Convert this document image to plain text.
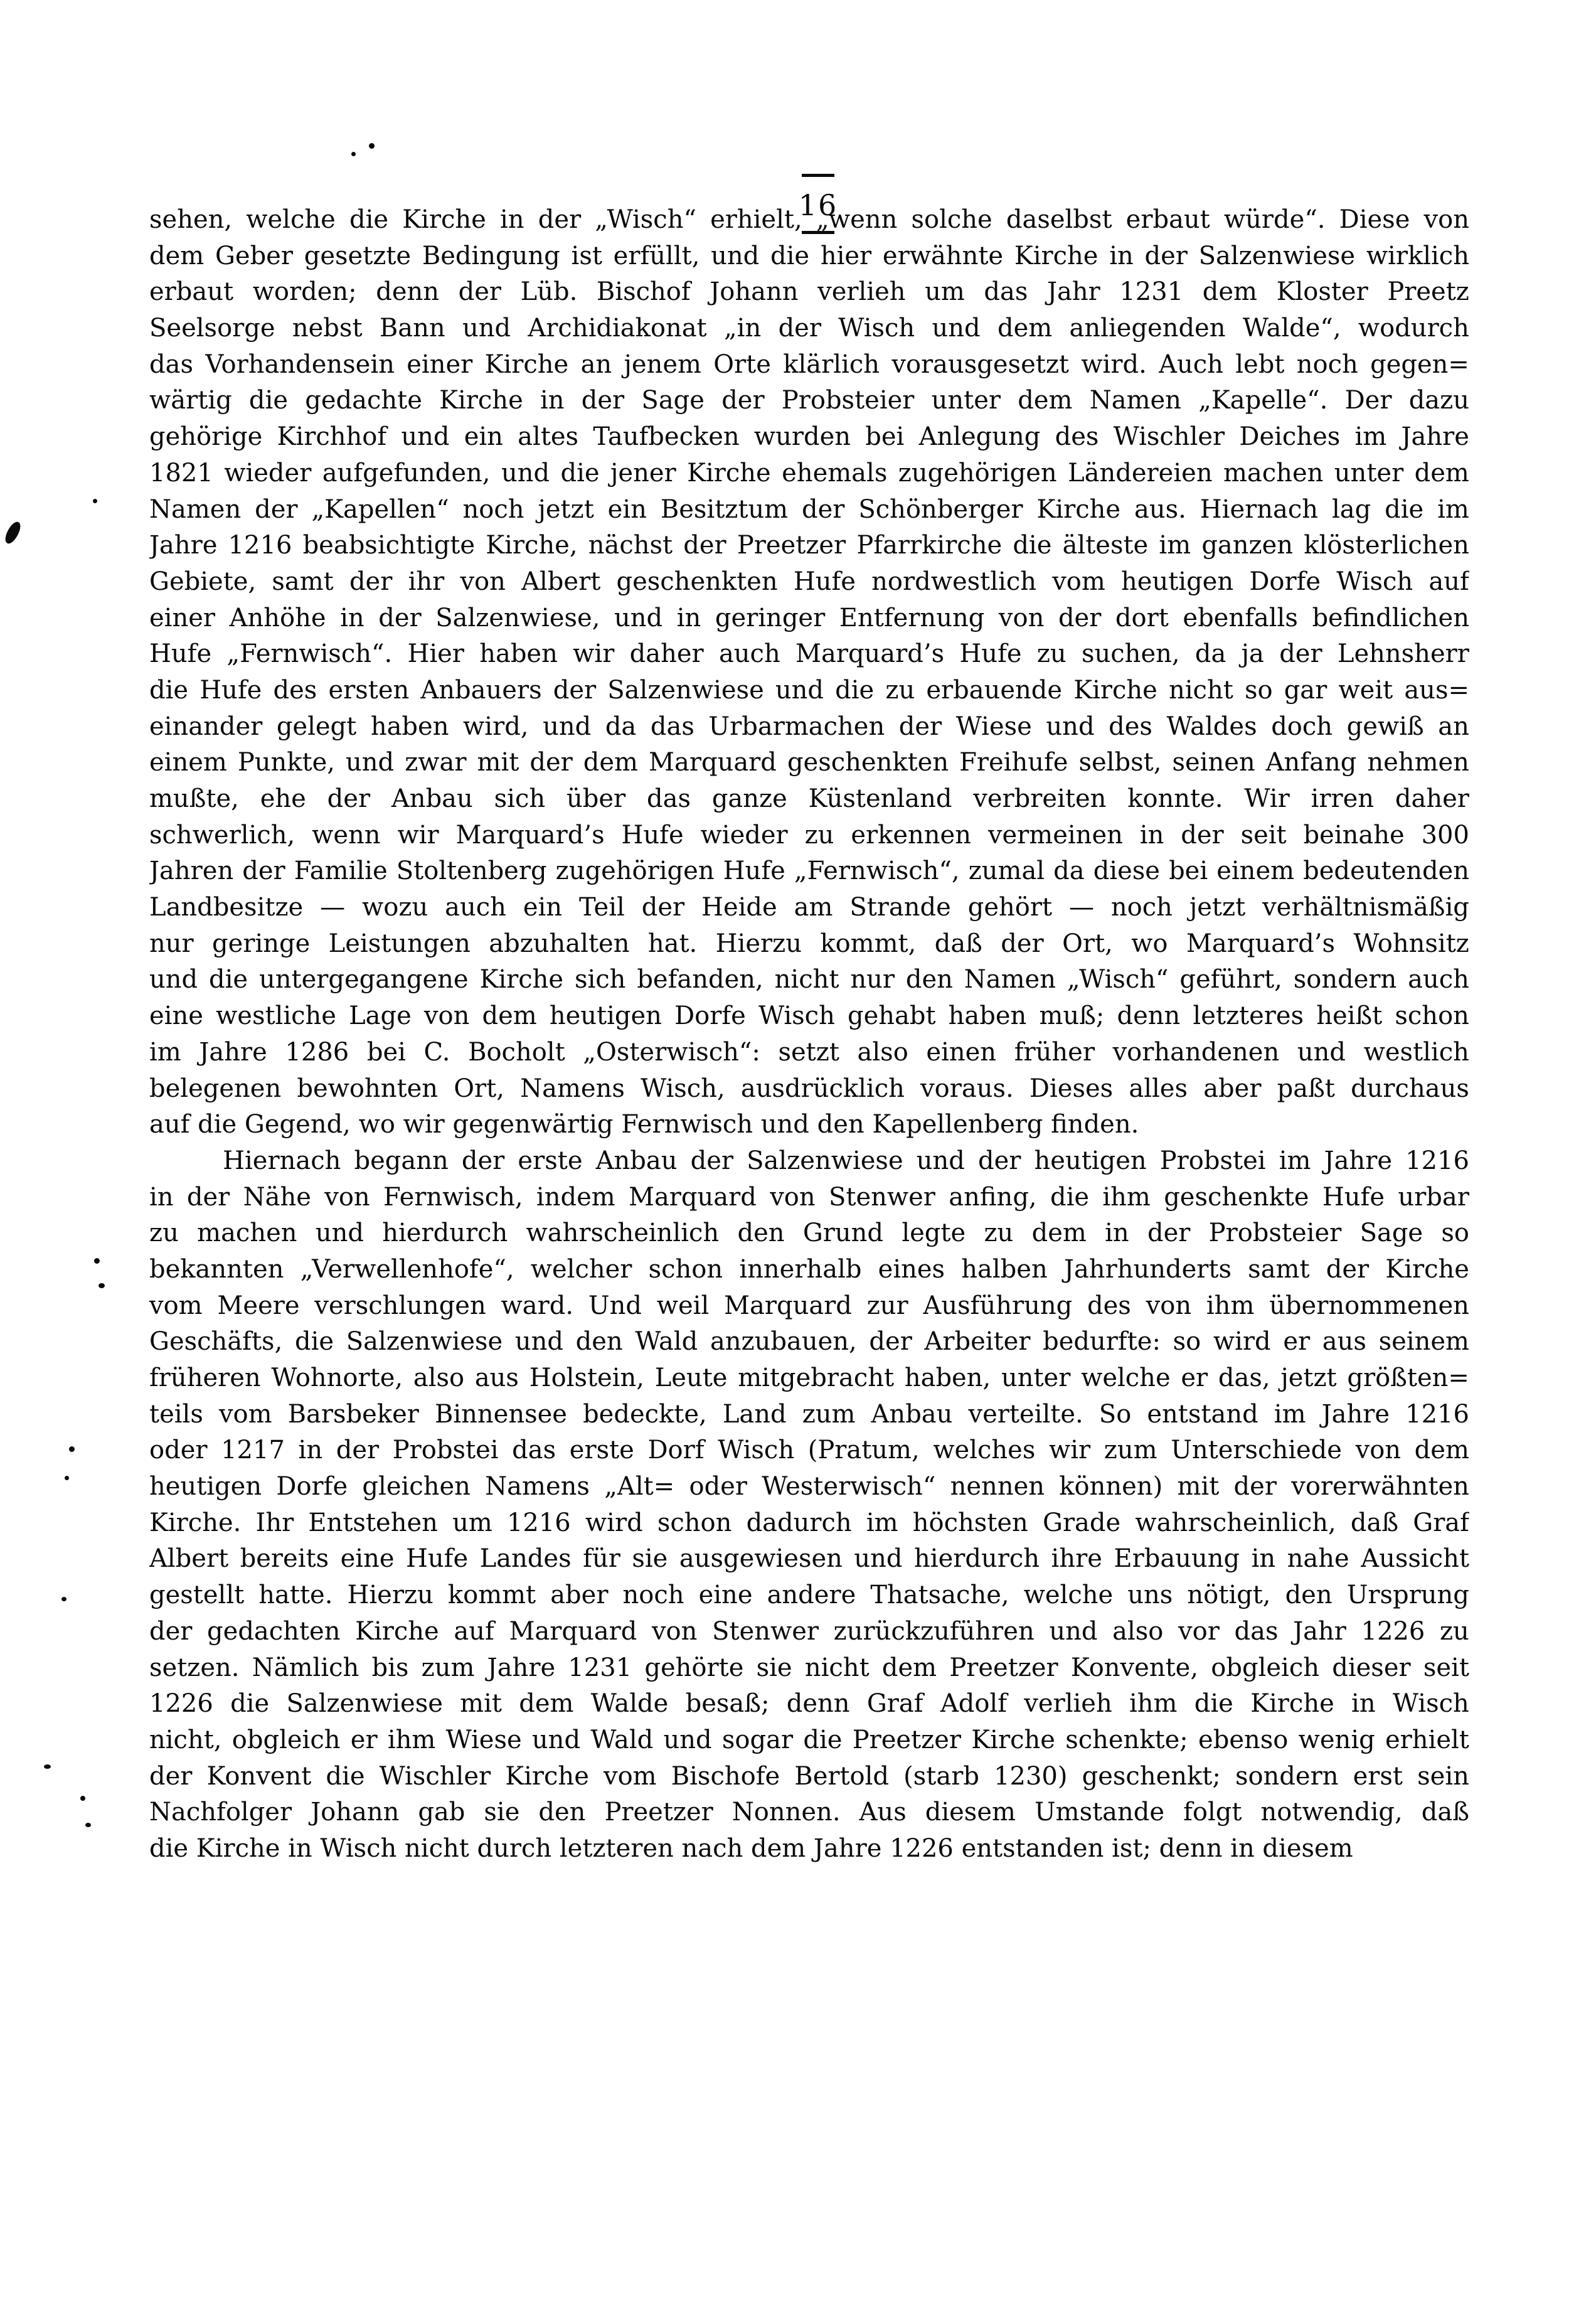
16

sehen, welche die Kirche in der „Wisch“ erhielt, „wenn solche daselbst erbaut würde“. Diese von
dem Geber gesetzte Bedingung ist erfüllt, und die hier erwähnte Kirche in der Salzenwiese wirklich
erbaut worden; denn der Lüb. Bischof Johann verlieh um das Jahr 1231 dem Kloster Preetz
Seelsorge nebst Bann und Archidiakonat „in der Wisch und dem anliegenden Walde“, wodurch
das Vorhandensein einer Kirche an jenem Orte klärlich vorausgesetzt wird. Auch lebt noch gegen=
wärtig die gedachte Kirche in der Sage der Probsteier unter dem Namen „Kapelle“. Der dazu
gehörige Kirchhof und ein altes Taufbecken wurden bei Anlegung des Wischler Deiches im Jahre
1821 wieder aufgefunden, und die jener Kirche ehemals zugehörigen Ländereien machen unter dem
Namen der „Kapellen“ noch jetzt ein Besitztum der Schönberger Kirche aus. Hiernach lag die im
Jahre 1216 beabsichtigte Kirche, nächst der Preetzer Pfarrkirche die älteste im ganzen klösterlichen
Gebiete, samt der ihr von Albert geschenkten Hufe nordwestlich vom heutigen Dorfe Wisch auf
einer Anhöhe in der Salzenwiese, und in geringer Entfernung von der dort ebenfalls befindlichen
Hufe „Fernwisch“. Hier haben wir daher auch Marquard’s Hufe zu suchen, da ja der Lehnsherr
die Hufe des ersten Anbauers der Salzenwiese und die zu erbauende Kirche nicht so gar weit aus=
einander gelegt haben wird, und da das Urbarmachen der Wiese und des Waldes doch gewiß an
einem Punkte, und zwar mit der dem Marquard geschenkten Freihufe selbst, seinen Anfang nehmen
mußte, ehe der Anbau sich über das ganze Küstenland verbreiten konnte. Wir irren daher
schwerlich, wenn wir Marquard’s Hufe wieder zu erkennen vermeinen in der seit beinahe 300
Jahren der Familie Stoltenberg zugehörigen Hufe „Fernwisch“, zumal da diese bei einem bedeutenden
Landbesitze — wozu auch ein Teil der Heide am Strande gehört — noch jetzt verhältnismäßig
nur geringe Leistungen abzuhalten hat. Hierzu kommt, daß der Ort, wo Marquard’s Wohnsitz
und die untergegangene Kirche sich befanden, nicht nur den Namen „Wisch“ geführt, sondern auch
eine westliche Lage von dem heutigen Dorfe Wisch gehabt haben muß; denn letzteres heißt schon
im Jahre 1286 bei C. Bocholt „Osterwisch“: setzt also einen früher vorhandenen und westlich
belegenen bewohnten Ort, Namens Wisch, ausdrücklich voraus. Dieses alles aber paßt durchaus
auf die Gegend, wo wir gegenwärtig Fernwisch und den Kapellenberg finden.
Hiernach begann der erste Anbau der Salzenwiese und der heutigen Probstei im Jahre 1216
in der Nähe von Fernwisch, indem Marquard von Stenwer anfing, die ihm geschenkte Hufe urbar
zu machen und hierdurch wahrscheinlich den Grund legte zu dem in der Probsteier Sage so
bekannten „Verwellenhofe“, welcher schon innerhalb eines halben Jahrhunderts samt der Kirche
vom Meere verschlungen ward. Und weil Marquard zur Ausführung des von ihm übernommenen
Geschäfts, die Salzenwiese und den Wald anzubauen, der Arbeiter bedurfte: so wird er aus seinem
früheren Wohnorte, also aus Holstein, Leute mitgebracht haben, unter welche er das, jetzt größten=
teils vom Barsbeker Binnensee bedeckte, Land zum Anbau verteilte. So entstand im Jahre 1216
oder 1217 in der Probstei das erste Dorf Wisch (Pratum, welches wir zum Unterschiede von dem
heutigen Dorfe gleichen Namens „Alt= oder Westerwisch“ nennen können) mit der vorerwähnten
Kirche. Ihr Entstehen um 1216 wird schon dadurch im höchsten Grade wahrscheinlich, daß Graf
Albert bereits eine Hufe Landes für sie ausgewiesen und hierdurch ihre Erbauung in nahe Aussicht
gestellt hatte. Hierzu kommt aber noch eine andere Thatsache, welche uns nötigt, den Ursprung
der gedachten Kirche auf Marquard von Stenwer zurückzuführen und also vor das Jahr 1226 zu
setzen. Nämlich bis zum Jahre 1231 gehörte sie nicht dem Preetzer Konvente, obgleich dieser seit
1226 die Salzenwiese mit dem Walde besaß; denn Graf Adolf verlieh ihm die Kirche in Wisch
nicht, obgleich er ihm Wiese und Wald und sogar die Preetzer Kirche schenkte; ebenso wenig erhielt
der Konvent die Wischler Kirche vom Bischofe Bertold (starb 1230) geschenkt; sondern erst sein
Nachfolger Johann gab sie den Preetzer Nonnen. Aus diesem Umstande folgt notwendig, daß
die Kirche in Wisch nicht durch letzteren nach dem Jahre 1226 entstanden ist; denn in diesem
